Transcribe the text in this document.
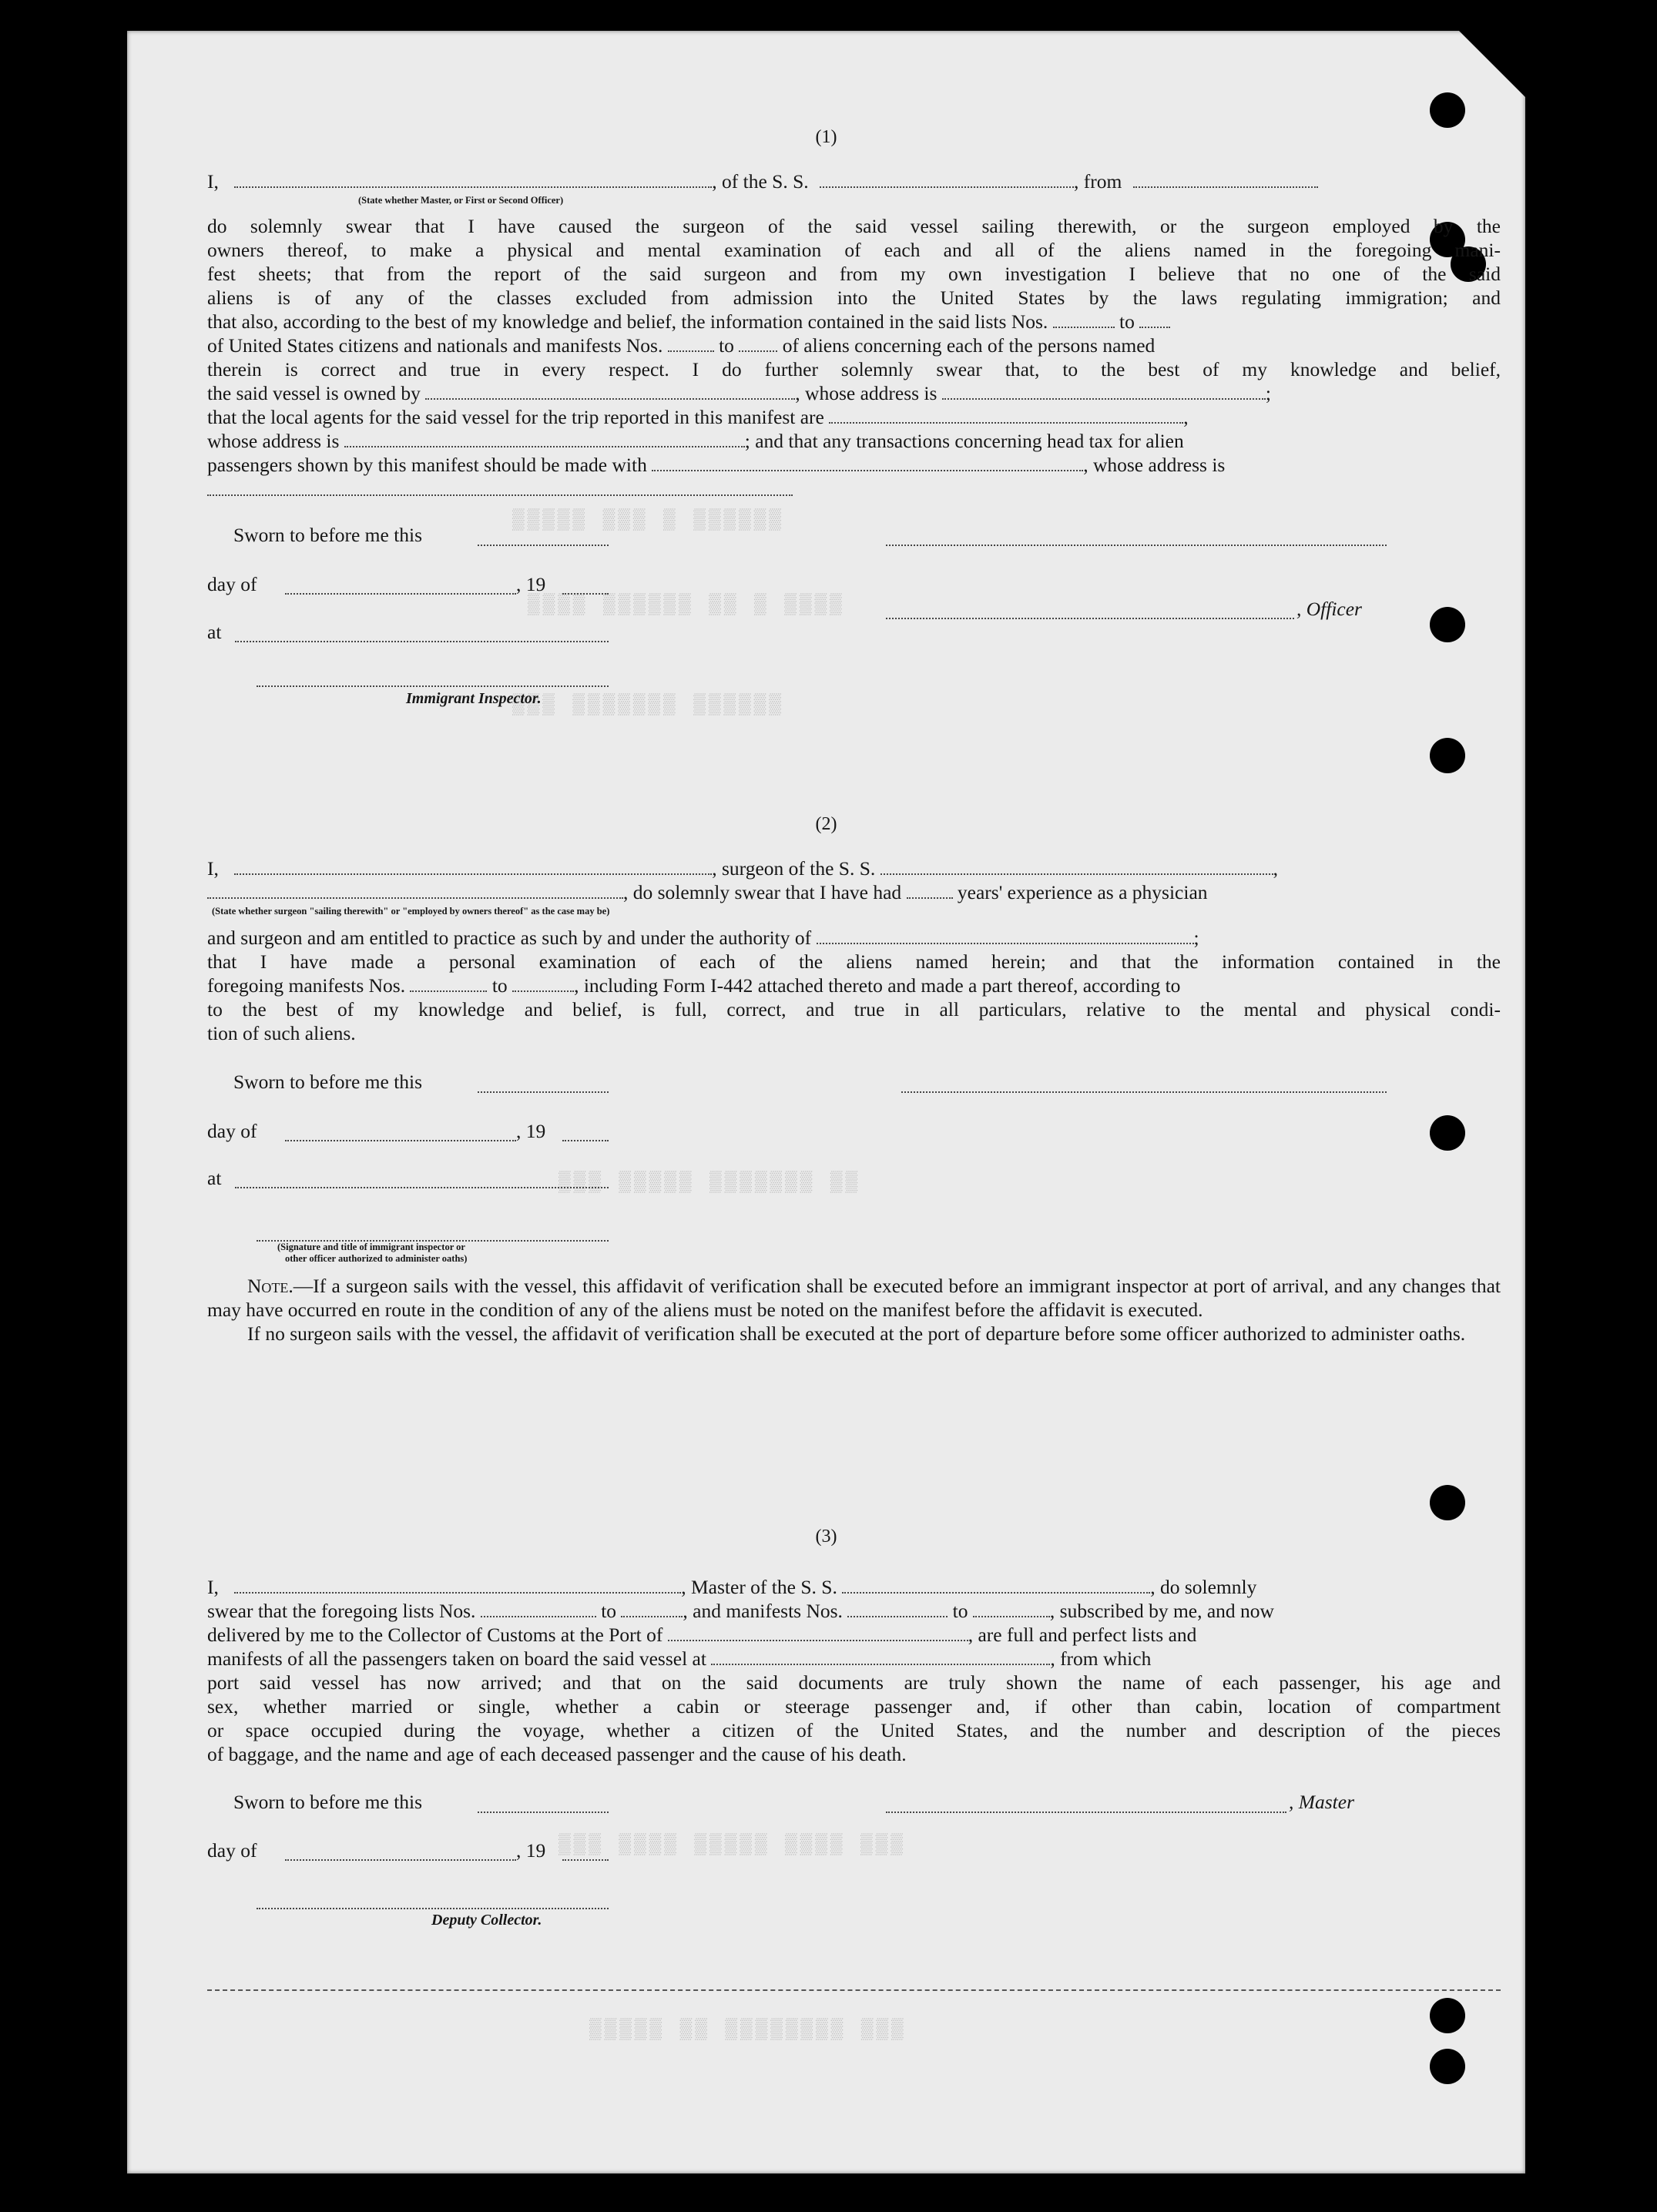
▒▒▒▒▒ ▒▒▒ ▒ ▒▒▒▒▒▒
▒▒▒▒ ▒▒▒▒▒▒ ▒▒ ▒ ▒▒▒▒
▒▒▒ ▒▒▒▒▒▒▒ ▒▒▒▒▒▒
▒▒▒ ▒▒▒▒▒ ▒▒▒▒▒▒▒ ▒▒
▒▒▒ ▒▒▒▒ ▒▒▒▒▒ ▒▒▒▒ ▒▒▒
▒▒▒▒▒ ▒▒ ▒▒▒▒▒▒▒▒ ▒▒▒
(1)
I,	, of the S. S.	, from
(State whether Master, or First or Second Officer)
do solemnly swear that I have caused the surgeon of the said vessel sailing therewith, or the surgeon employed by the
owners thereof, to make a physical and mental examination of each and all of the aliens named in the foregoing mani-
fest sheets; that from the report of the said surgeon and from my own investigation I believe that no one of the said
aliens is of any of the classes excluded from admission into the United States by the laws regulating immigration; and
that also, according to the best of my knowledge and belief, the information contained in the said lists Nos.	to
of United States citizens and nationals and manifests Nos.	to of aliens concerning each of the persons named
therein is correct and true in every respect. I do further solemnly swear that, to the best of my knowledge and belief,
the said vessel is owned by	, whose address is	;
that the local agents for the said vessel for the trip reported in this manifest are	,
whose address is	; and that any transactions concerning head tax for alien
passengers shown by this manifest should be made with	, whose address is
Sworn to before me this
day of	, 19
, Officer
at
Immigrant Inspector.
(2)
I,	, surgeon of the S. S.	,
, do solemnly swear that I have had	years' experience as a physician
(State whether surgeon "sailing therewith" or "employed by owners thereof" as the case may be)
and surgeon and am entitled to practice as such by and under the authority of	;
that I have made a personal examination of each of the aliens named herein; and that the information contained in the
foregoing manifests Nos.	to	, including Form I-442 attached thereto and made a part thereof, according to
to the best of my knowledge and belief, is full, correct, and true in all particulars, relative to the mental and physical condi-
tion of such aliens.
Sworn to before me this
day of	, 19
at
(Signature and title of immigrant inspector or
other officer authorized to administer oaths)

Note.—If a surgeon sails with the vessel, this affidavit of verification shall be executed before an immigrant inspector at port of arrival, and any changes that may have occurred en route in the condition of any of the aliens must be noted on the manifest before the affidavit is executed.

If no surgeon sails with the vessel, the affidavit of verification shall be executed at the port of departure before some officer authorized to administer oaths.

(3)
I,	, Master of the S. S.	, do solemnly
swear that the foregoing lists Nos.	to	, and manifests Nos.	to	, subscribed by me, and now
delivered by me to the Collector of Customs at the Port of	, are full and perfect lists and
manifests of all the passengers taken on board the said vessel at	, from which
port said vessel has now arrived; and that on the said documents are truly shown the name of each passenger, his age and
sex, whether married or single, whether a cabin or steerage passenger and, if other than cabin, location of compartment
or space occupied during the voyage, whether a citizen of the United States, and the number and description of the pieces
of baggage, and the name and age of each deceased passenger and the cause of his death.
Sworn to before me this	, Master
day of	, 19
Deputy Collector.
